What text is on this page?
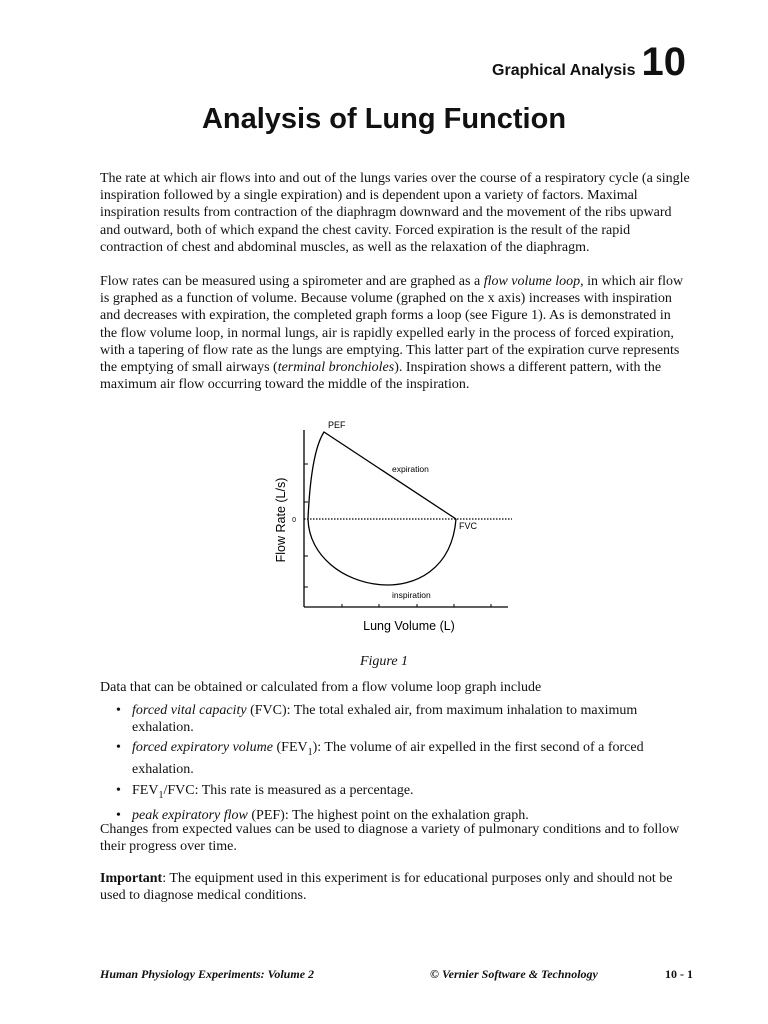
Graphical Analysis 10
Analysis of Lung Function

The rate at which air flows into and out of the lungs varies over the course of a respiratory cycle (a single inspiration followed by a single expiration) and is dependent upon a variety of factors. Maximal inspiration results from contraction of the diaphragm downward and the movement of the ribs upward and outward, both of which expand the chest cavity. Forced expiration is the result of the rapid contraction of chest and abdominal muscles, as well as the relaxation of the diaphragm.

Flow rates can be measured using a spirometer and are graphed as a flow volume loop, in which air flow is graphed as a function of volume. Because volume (graphed on the x axis) increases with inspiration and decreases with expiration, the completed graph forms a loop (see Figure 1). As is demonstrated in the flow volume loop, in normal lungs, air is rapidly expelled early in the process of forced expiration, with a tapering of flow rate as the lungs are emptying. This latter part of the expiration curve represents the emptying of small airways (terminal bronchioles). Inspiration shows a different pattern, with the maximum air flow occurring toward the middle of the inspiration.

PEF
expiration
FVC
inspiration
0
Lung Volume (L)
Flow Rate (L/s)
Figure 1

Data that can be obtained or calculated from a flow volume loop graph include

• forced vital capacity (FVC): The total exhaled air, from maximum inhalation to maximum exhalation.
• forced expiratory volume $(FEV_1)$: The volume of air expelled in the first second of a forced exhalation.
• $FEV_1$/FVC: This rate is measured as a percentage.
• peak expiratory flow (PEF): The highest point on the exhalation graph.

Changes from expected values can be used to diagnose a variety of pulmonary conditions and to follow their progress over time.

Important: The equipment used in this experiment is for educational purposes only and should not be used to diagnose medical conditions.

Human Physiology Experiments: Volume 2	© Vernier Software & Technology	10 - 1
